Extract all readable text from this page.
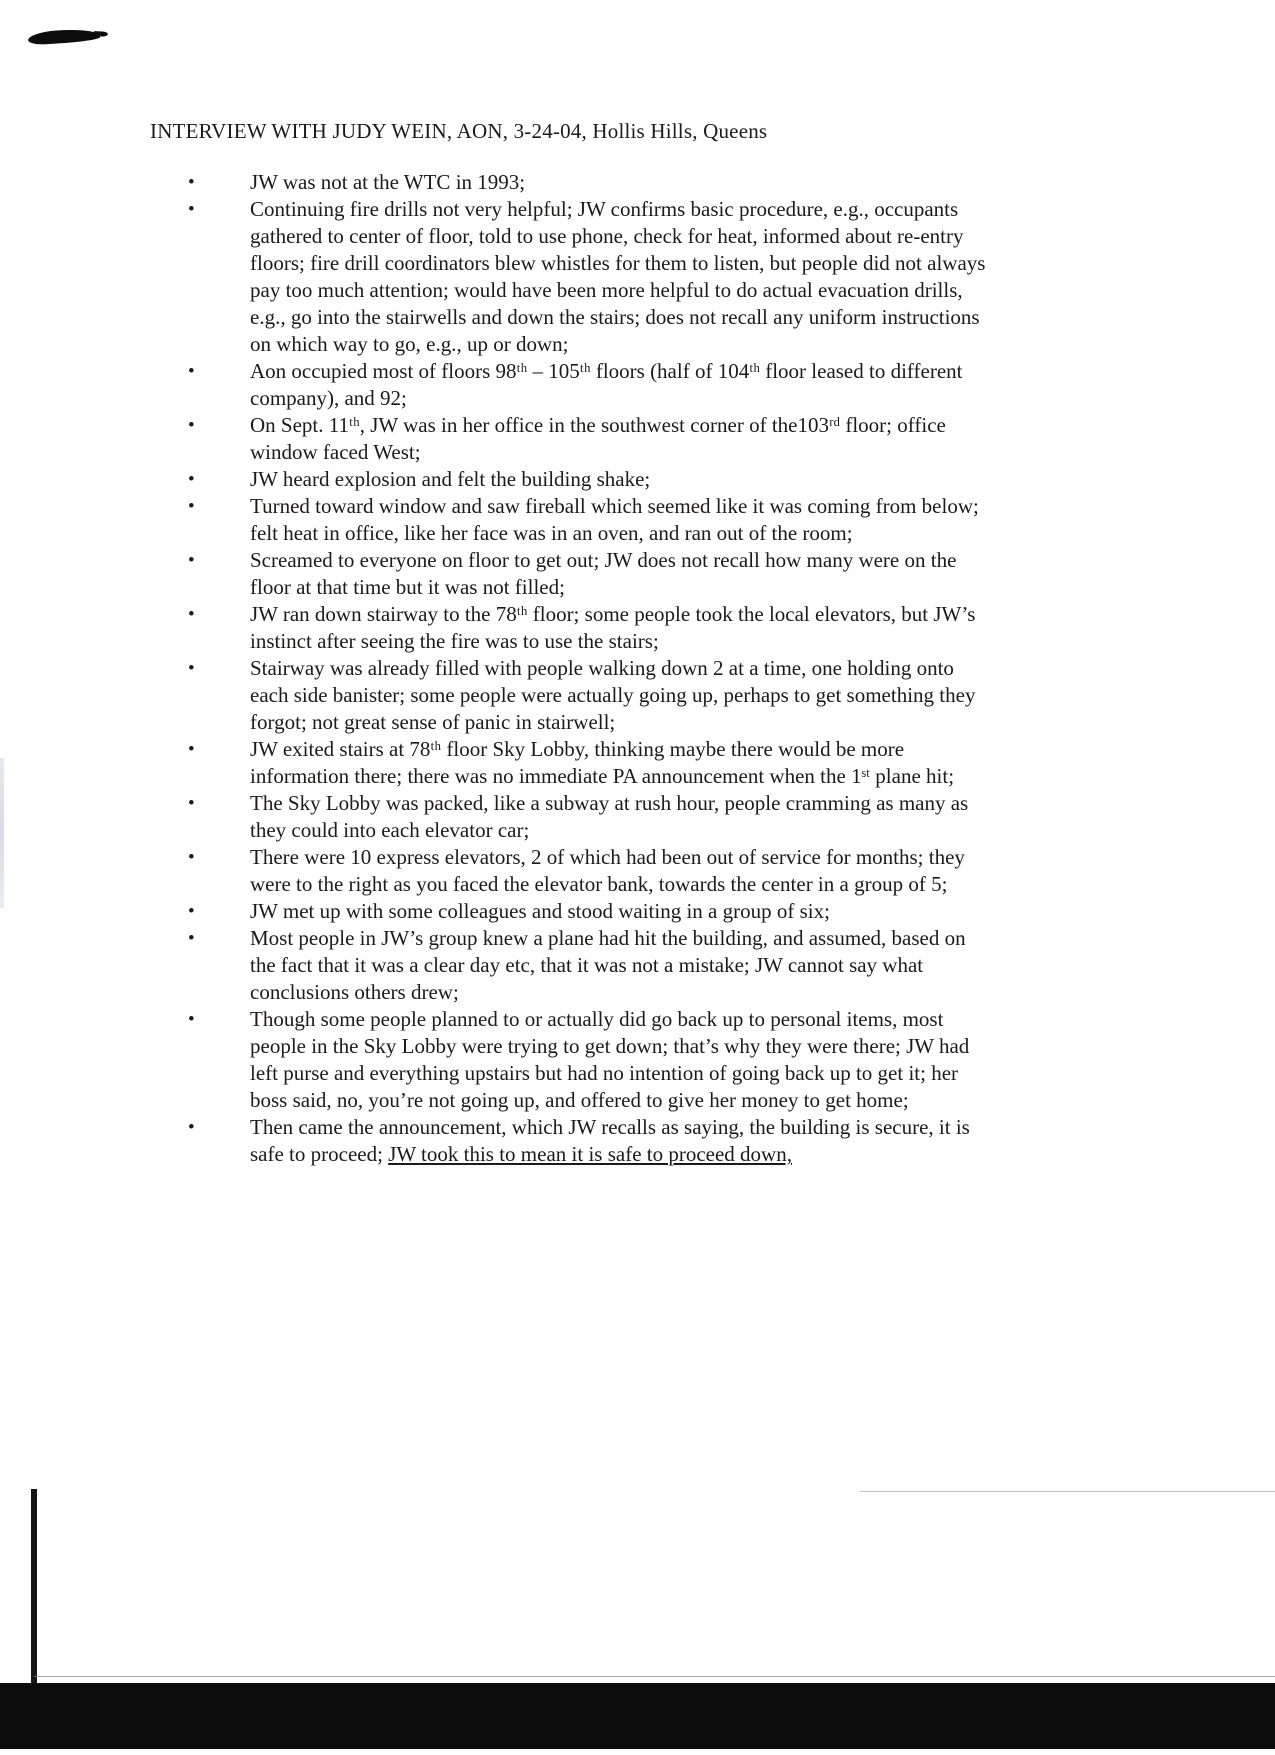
INTERVIEW WITH JUDY WEIN, AON, 3-24-04, Hollis Hills, Queens
•	JW was not at the WTC in 1993;
•	Continuing fire drills not very helpful; JW confirms basic procedure, e.g., occupants gathered to center of floor, told to use phone, check for heat, informed about re-entry floors; fire drill coordinators blew whistles for them to listen, but people did not always pay too much attention; would have been more helpful to do actual evacuation drills, e.g., go into the stairwells and down the stairs; does not recall any uniform instructions on which way to go, e.g., up or down;
•	Aon occupied most of floors 98ᵗʰ – 105ᵗʰ floors (half of 104ᵗʰ floor leased to different company), and 92;
•	On Sept. 11ᵗʰ, JW was in her office in the southwest corner of the103ʳᵈ floor; office window faced West;
•	JW heard explosion and felt the building shake;
•	Turned toward window and saw fireball which seemed like it was coming from below; felt heat in office, like her face was in an oven, and ran out of the room;
•	Screamed to everyone on floor to get out; JW does not recall how many were on the floor at that time but it was not filled;
•	JW ran down stairway to the 78ᵗʰ floor; some people took the local elevators, but JW’s instinct after seeing the fire was to use the stairs;
•	Stairway was already filled with people walking down 2 at a time, one holding onto each side banister; some people were actually going up, perhaps to get something they forgot; not great sense of panic in stairwell;
•	JW exited stairs at 78ᵗʰ floor Sky Lobby, thinking maybe there would be more information there; there was no immediate PA announcement when the 1ˢᵗ plane hit;
•	The Sky Lobby was packed, like a subway at rush hour, people cramming as many as they could into each elevator car;
•	There were 10 express elevators, 2 of which had been out of service for months; they were to the right as you faced the elevator bank, towards the center in a group of 5;
•	JW met up with some colleagues and stood waiting in a group of six;
•	Most people in JW’s group knew a plane had hit the building, and assumed, based on the fact that it was a clear day etc, that it was not a mistake; JW cannot say what conclusions others drew;
•	Though some people planned to or actually did go back up to personal items, most people in the Sky Lobby were trying to get down; that’s why they were there; JW had left purse and everything upstairs but had no intention of going back up to get it; her boss said, no, you’re not going up, and offered to give her money to get home;
•	Then came the announcement, which JW recalls as saying, the building is secure, it is safe to proceed; JW took this to mean it is safe to proceed down,
